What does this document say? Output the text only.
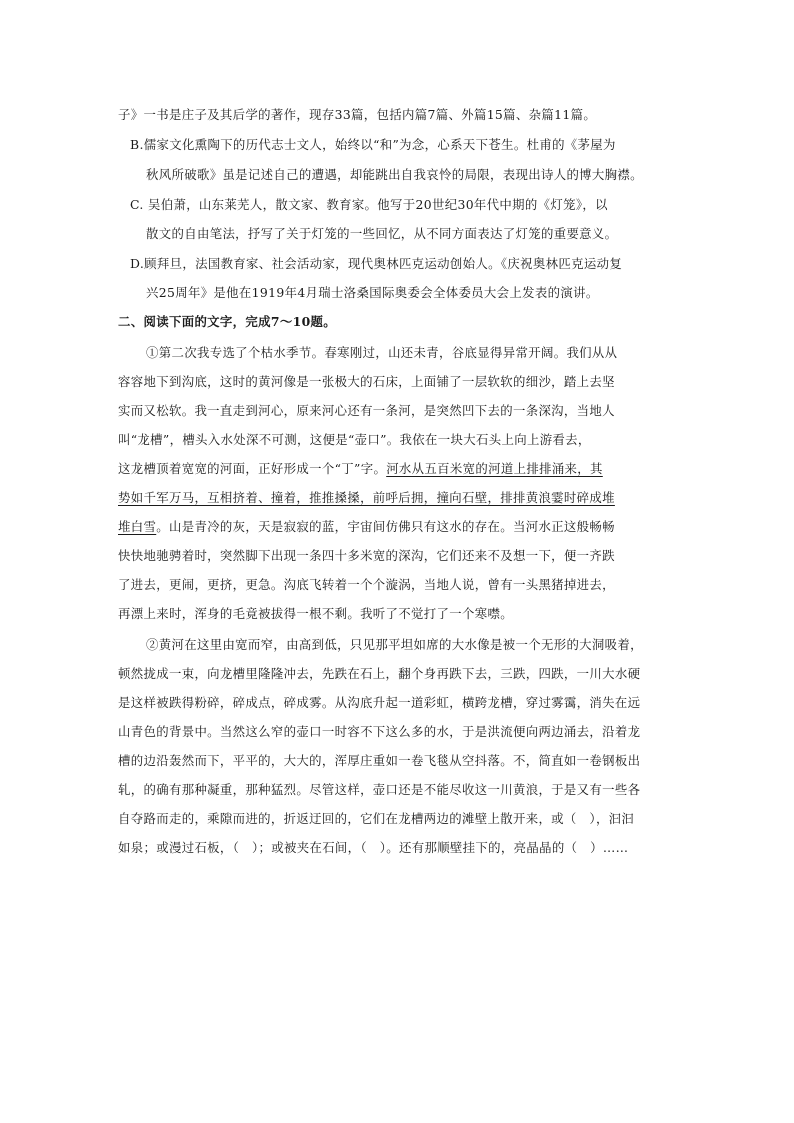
子》一书是庄子及其后学的著作，现存33篇，包括内篇7篇、外篇15篇、杂篇11篇。
B.儒家文化熏陶下的历代志士文人，始终以“和”为念，心系天下苍生。杜甫的《茅屋为
秋风所破歌》虽是记述自己的遭遇，却能跳出自我哀怜的局限，表现出诗人的博大胸襟。
C. 吴伯萧，山东莱芜人，散文家、教育家。他写于20世纪30年代中期的《灯笼》，以
散文的自由笔法，抒写了关于灯笼的一些回忆，从不同方面表达了灯笼的重要意义。
D.顾拜旦，法国教育家、社会活动家，现代奥林匹克运动创始人。《庆祝奥林匹克运动复
兴25周年》是他在1919年4月瑞士洛桑国际奥委会全体委员大会上发表的演讲。
二、阅读下面的文字，完成7～10题。
①第二次我专选了个枯水季节。春寒刚过，山还未青，谷底显得异常开阔。我们从从
容容地下到沟底，这时的黄河像是一张极大的石床，上面铺了一层软软的细沙，踏上去坚
实而又松软。我一直走到河心，原来河心还有一条河，是突然凹下去的一条深沟，当地人
叫“龙槽”，槽头入水处深不可测，这便是“壶口”。我依在一块大石头上向上游看去，
这龙槽顶着宽宽的河面，正好形成一个“丁”字。河水从五百米宽的河道上排排涌来，其
势如千军万马，互相挤着、撞着，推推搡搡，前呼后拥，撞向石壁，排排黄浪霎时碎成堆
堆白雪。山是青冷的灰，天是寂寂的蓝，宇宙间仿佛只有这水的存在。当河水正这般畅畅
快快地驰骋着时，突然脚下出现一条四十多米宽的深沟，它们还来不及想一下，便一齐跌
了进去，更闹，更挤，更急。沟底飞转着一个个漩涡，当地人说，曾有一头黑猪掉进去，
再漂上来时，浑身的毛竟被拔得一根不剩。我听了不觉打了一个寒噤。
②黄河在这里由宽而窄，由高到低，只见那平坦如席的大水像是被一个无形的大洞吸着，
顿然拢成一束，向龙槽里隆隆冲去，先跌在石上，翻个身再跌下去，三跌，四跌，一川大水硬
是这样被跌得粉碎，碎成点，碎成雾。从沟底升起一道彩虹，横跨龙槽，穿过雾霭，消失在远
山青色的背景中。当然这么窄的壶口一时容不下这么多的水，于是洪流便向两边涌去，沿着龙
槽的边沿轰然而下，平平的，大大的，浑厚庄重如一卷飞毯从空抖落。不，简直如一卷钢板出
轧，的确有那种凝重，那种猛烈。尽管这样，壶口还是不能尽收这一川黄浪，于是又有一些各
自夺路而走的，乘隙而进的，折返迂回的，它们在龙槽两边的滩壁上散开来，或（　），汩汩
如泉；或漫过石板，（　）；或被夹在石间，（　）。还有那顺壁挂下的，亮晶晶的（　）……
